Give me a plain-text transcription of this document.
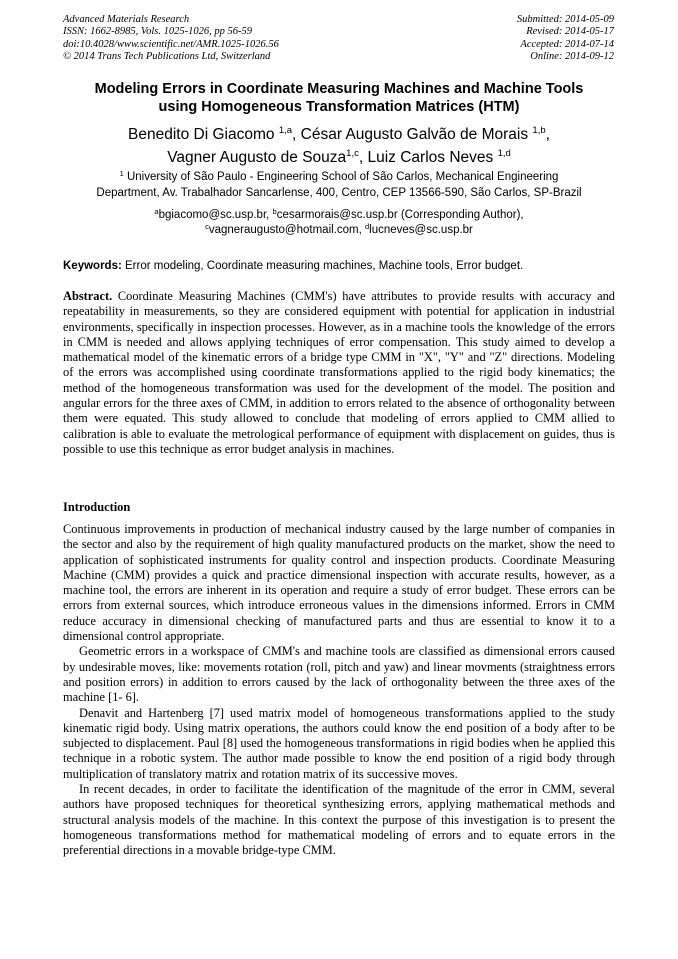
Advanced Materials Research
ISSN: 1662-8985, Vols. 1025-1026, pp 56-59
doi:10.4028/www.scientific.net/AMR.1025-1026.56
© 2014 Trans Tech Publications Ltd, Switzerland
Submitted: 2014-05-09
Revised: 2014-05-17
Accepted: 2014-07-14
Online: 2014-09-12
Modeling Errors in Coordinate Measuring Machines and Machine Tools
using Homogeneous Transformation Matrices (HTM)
Benedito Di Giacomo $^{1,a}$, César Augusto Galvão de Morais $^{1,b}$,
Vagner Augusto de Souza$^{1,c}$, Luiz Carlos Neves $^{1,d}$
$^1$ University of São Paulo - Engineering School of São Carlos, Mechanical Engineering
Department, Av. Trabalhador Sancarlense, 400, Centro, CEP 13566-590, São Carlos, SP-Brazil
$^a$bgiacomo@sc.usp.br, $^b$cesarmorais@sc.usp.br (Corresponding Author),
$^c$vagneraugusto@hotmail.com, $^d$lucneves@sc.usp.br
Keywords: Error modeling, Coordinate measuring machines, Machine tools, Error budget.
Abstract. Coordinate Measuring Machines (CMM's) have attributes to provide results with accuracy and repeatability in measurements, so they are considered equipment with potential for application in industrial environments, specifically in inspection processes. However, as in a machine tools the knowledge of the errors in CMM is needed and allows applying techniques of error compensation. This study aimed to develop a mathematical model of the kinematic errors of a bridge type CMM in "X", "Y" and "Z" directions. Modeling of the errors was accomplished using coordinate transformations applied to the rigid body kinematics; the method of the homogeneous transformation was used for the development of the model. The position and angular errors for the three axes of CMM, in addition to errors related to the absence of orthogonality between them were equated. This study allowed to conclude that modeling of errors applied to CMM allied to calibration is able to evaluate the metrological performance of equipment with displacement on guides, thus is possible to use this technique as error budget analysis in machines.
Introduction

Continuous improvements in production of mechanical industry caused by the large number of companies in the sector and also by the requirement of high quality manufactured products on the market, show the need to application of sophisticated instruments for quality control and inspection products. Coordinate Measuring Machine (CMM) provides a quick and practice dimensional inspection with accurate results, however, as a machine tool, the errors are inherent in its operation and require a study of error budget. These errors can be errors from external sources, which introduce erroneous values in the dimensions informed. Errors in CMM reduce accuracy in dimensional checking of manufactured parts and thus are essential to know it to a dimensional control appropriate.

Geometric errors in a workspace of CMM's and machine tools are classified as dimensional errors caused by undesirable moves, like: movements rotation (roll, pitch and yaw) and linear movments (straightness errors and position errors) in addition to errors caused by the lack of orthogonality between the three axes of the machine [1- 6].

Denavit and Hartenberg [7] used matrix model of homogeneous transformations applied to the study kinematic rigid body. Using matrix operations, the authors could know the end position of a body after to be subjected to displacement. Paul [8] used the homogeneous transformations in rigid bodies when he applied this technique in a robotic system. The author made possible to know the end position of a rigid body through multiplication of translatory matrix and rotation matrix of its successive moves.

In recent decades, in order to facilitate the identification of the magnitude of the error in CMM, several authors have proposed techniques for theoretical synthesizing errors, applying mathematical methods and structural analysis models of the machine. In this context the purpose of this investigation is to present the homogeneous transformations method for mathematical modeling of errors and to equate errors in the preferential directions in a movable bridge-type CMM.
